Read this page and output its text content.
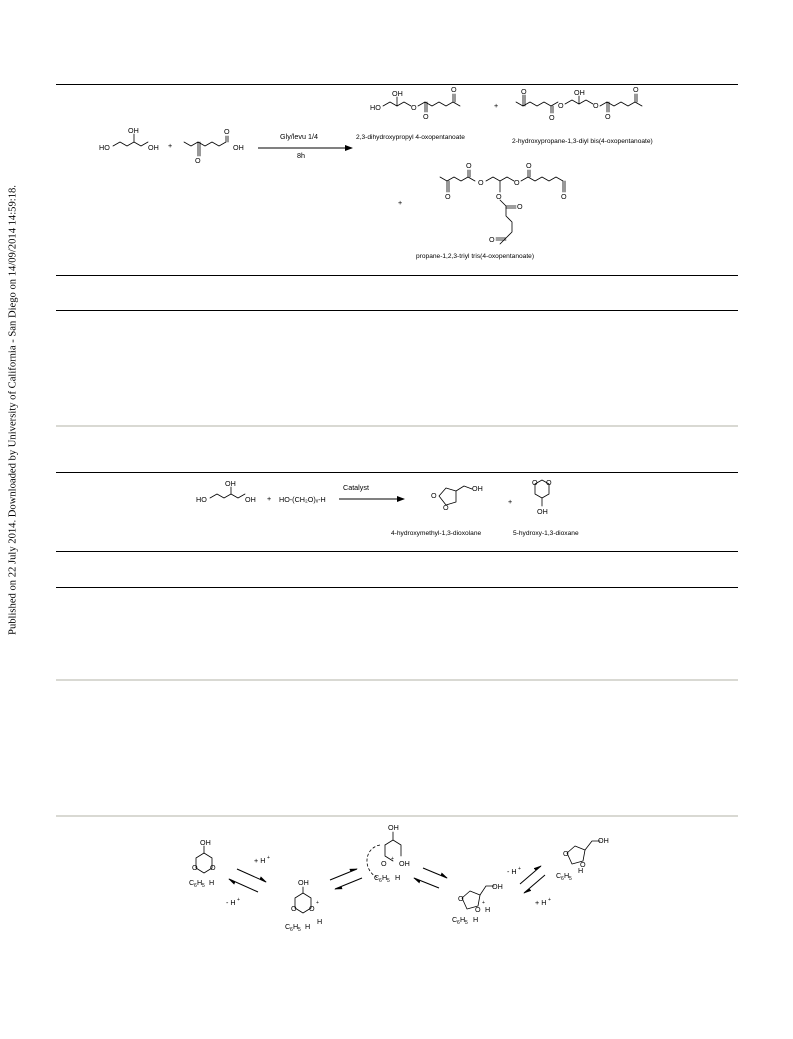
Published on 22 July 2014. Downloaded by University of California - San Diego on 14/09/2014 14:59:18.
HO
OH
OH +
O
O
OH
Gly/levu 1/4
8h
HO
OH
O
O
O
2,3-dihydroxypropyl 4-oxopentanoate
+
O
O
O
OH
O
O
O
2-hydroxypropane-1,3-diyl bis(4-oxopentanoate)
+
O
O
O	O
O
O
O
O
O
propane-1,2,3-triyl tris(4-oxopentanoate)
HO
OH
OH + HO-(CH₂O)ₓ-H
Catalyst	OH
O
O
+
O O
OH
4-hydroxymethyl-1,3-dioxolane	5-hydroxy-1,3-dioxane
OH
O O
C 6 H 5 H
+ H +
- H +
OH
O O
+
H
C 6 H 5 H
OH
O OH
+
C 6 H 5 H
OH
O
O
+
H
C 6 H 5 H
- H +
+ H +
OH
O
O
C 6 H 5
H
